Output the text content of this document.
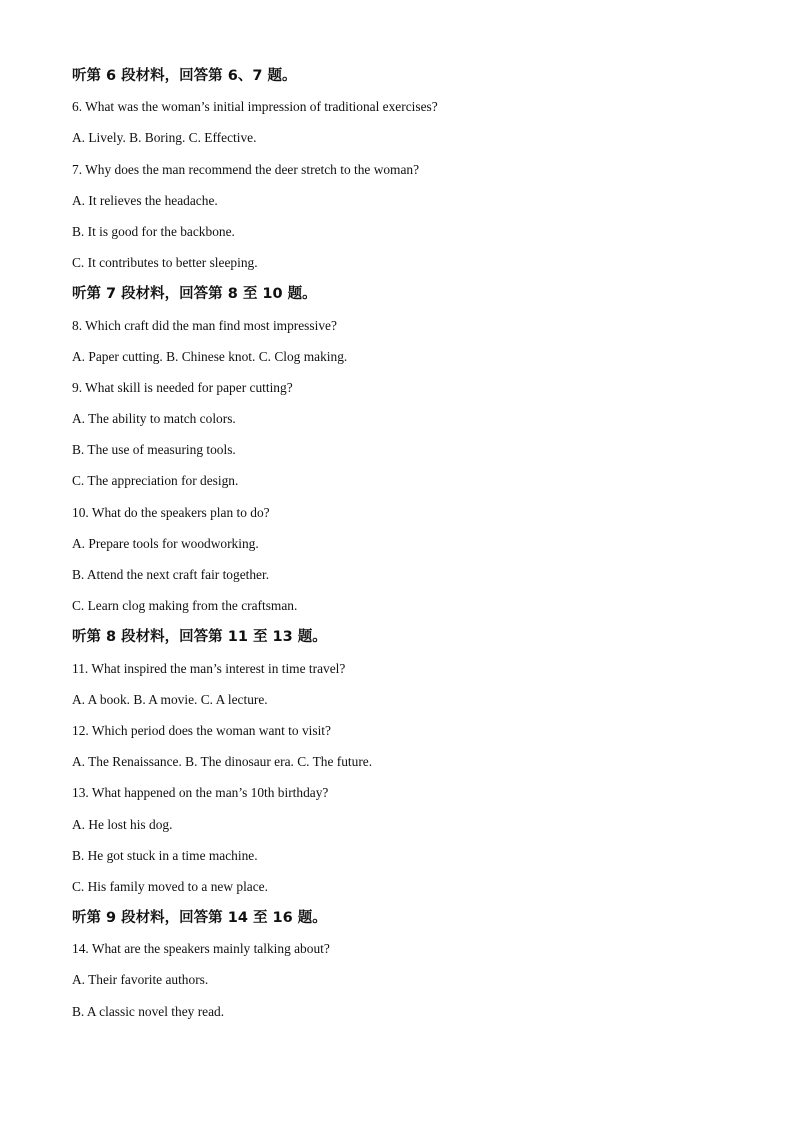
听第 6 段材料，回答第 6、7 题。
6. What was the woman’s initial impression of traditional exercises?
A. Lively. B. Boring. C. Effective.
7. Why does the man recommend the deer stretch to the woman?
A. It relieves the headache.
B. It is good for the backbone.
C. It contributes to better sleeping.
听第 7 段材料，回答第 8 至 10 题。
8. Which craft did the man find most impressive?
A. Paper cutting. B. Chinese knot. C. Clog making.
9. What skill is needed for paper cutting?
A. The ability to match colors.
B. The use of measuring tools.
C. The appreciation for design.
10. What do the speakers plan to do?
A. Prepare tools for woodworking.
B. Attend the next craft fair together.
C. Learn clog making from the craftsman.
听第 8 段材料，回答第 11 至 13 题。
11. What inspired the man’s interest in time travel?
A. A book. B. A movie. C. A lecture.
12. Which period does the woman want to visit?
A. The Renaissance. B. The dinosaur era. C. The future.
13. What happened on the man’s 10th birthday?
A. He lost his dog.
B. He got stuck in a time machine.
C. His family moved to a new place.
听第 9 段材料，回答第 14 至 16 题。
14. What are the speakers mainly talking about?
A. Their favorite authors.
B. A classic novel they read.
